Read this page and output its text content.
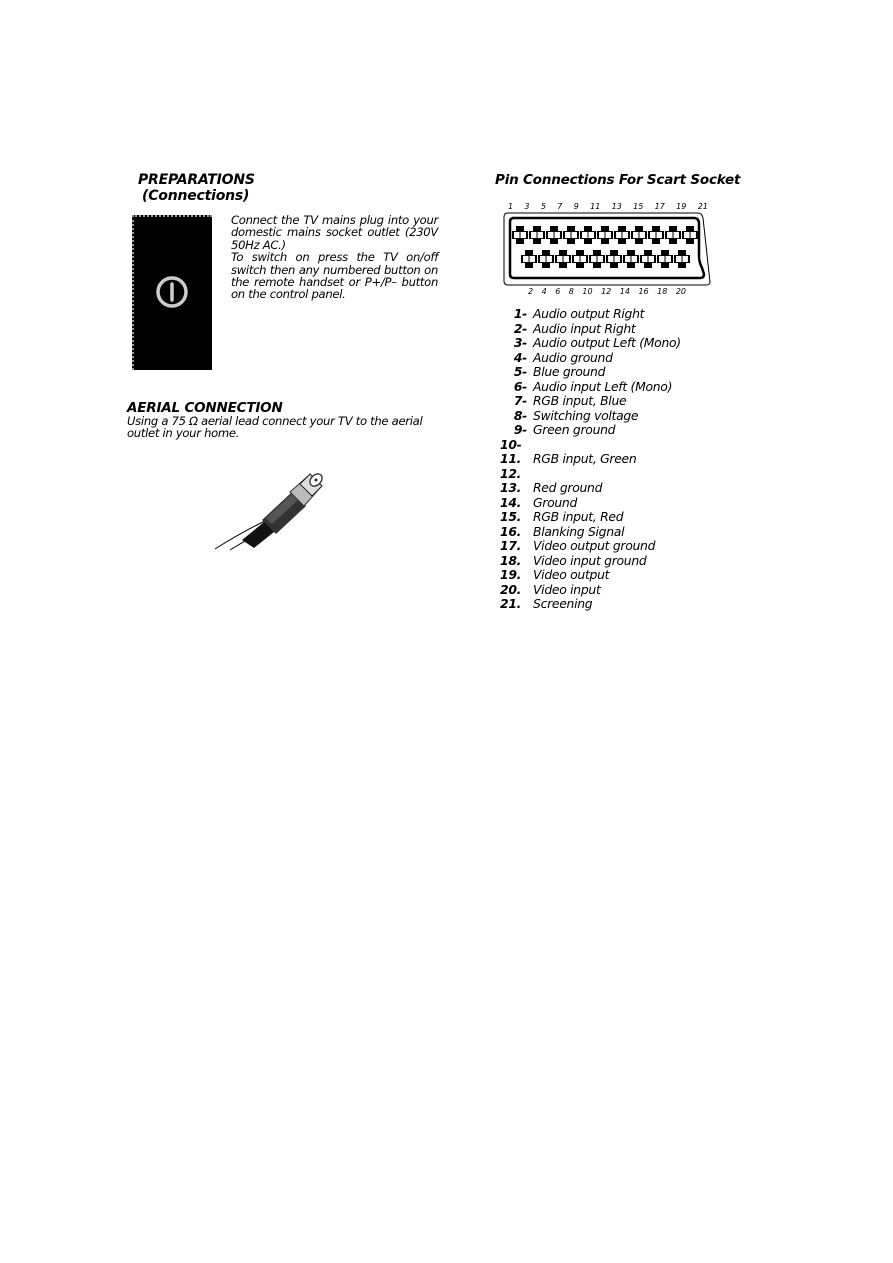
PREPARATIONS
(Connections)
Connect the TV mains plug into your domestic mains socket outlet (230V 50Hz AC.)
To switch on press the TV on/off switch then any numbered button on the remote handset or P+/P– button on the control panel.
AERIAL CONNECTION
Using a 75 Ω aerial lead connect your TV to the aerial outlet in your home.
Pin Connections For Scart Socket
1 3 5 7 9 11 13 15 17 19 21
2 4 6 8 10 12 14 16 18 20
1- Audio output Right
2- Audio input Right
3- Audio output Left (Mono)
4- Audio ground
5- Blue ground
6- Audio input Left (Mono)
7- RGB input, Blue
8- Switching voltage
9- Green ground
10-
11. RGB input, Green
12.
13. Red ground
14. Ground
15. RGB input, Red
16. Blanking Signal
17. Video output ground
18. Video input ground
19. Video output
20. Video input
21. Screening
